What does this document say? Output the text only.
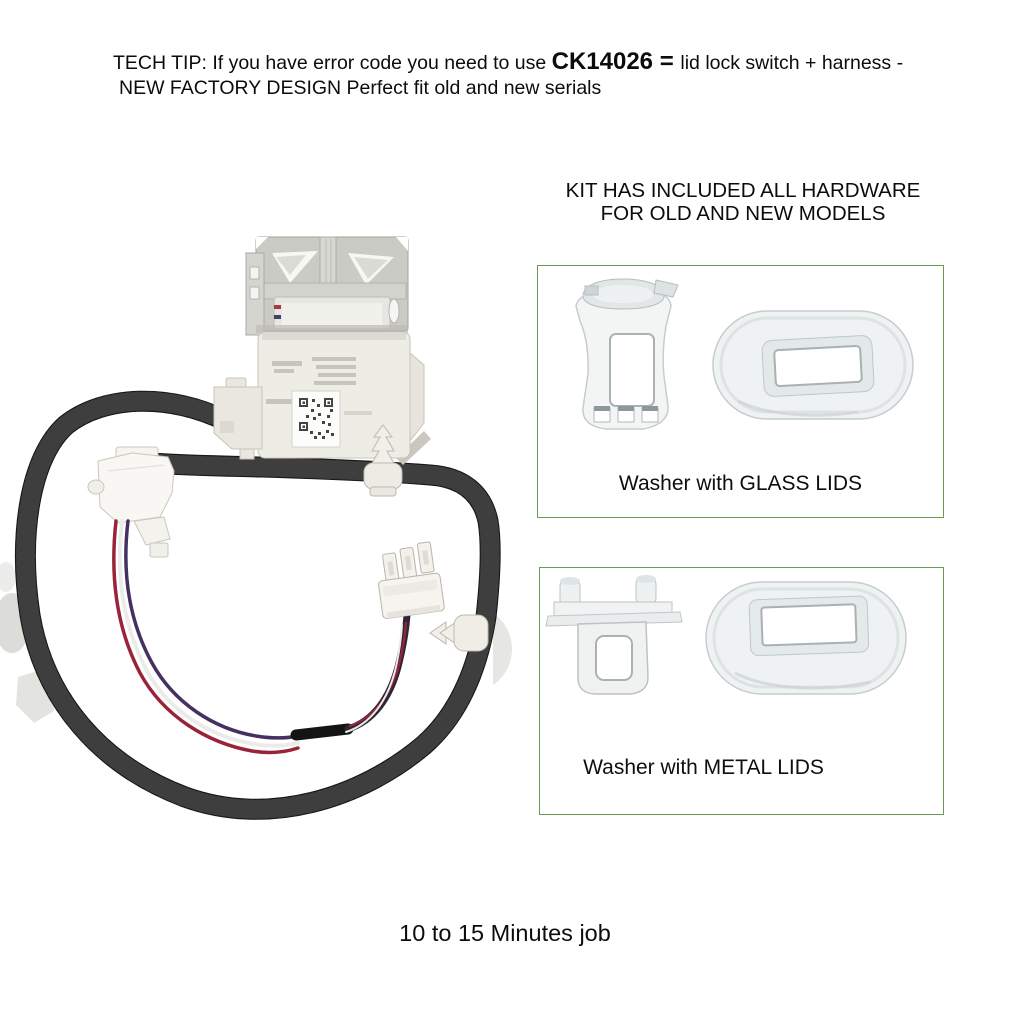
TECH TIP: If you have error code you need to use CK14026 = lid lock switch + harness -
NEW FACTORY DESIGN Perfect fit old and new serials
KIT HAS INCLUDED ALL HARDWARE
FOR OLD AND NEW MODELS
Washer with GLASS LIDS
Washer with METAL LIDS
10 to 15 Minutes job
